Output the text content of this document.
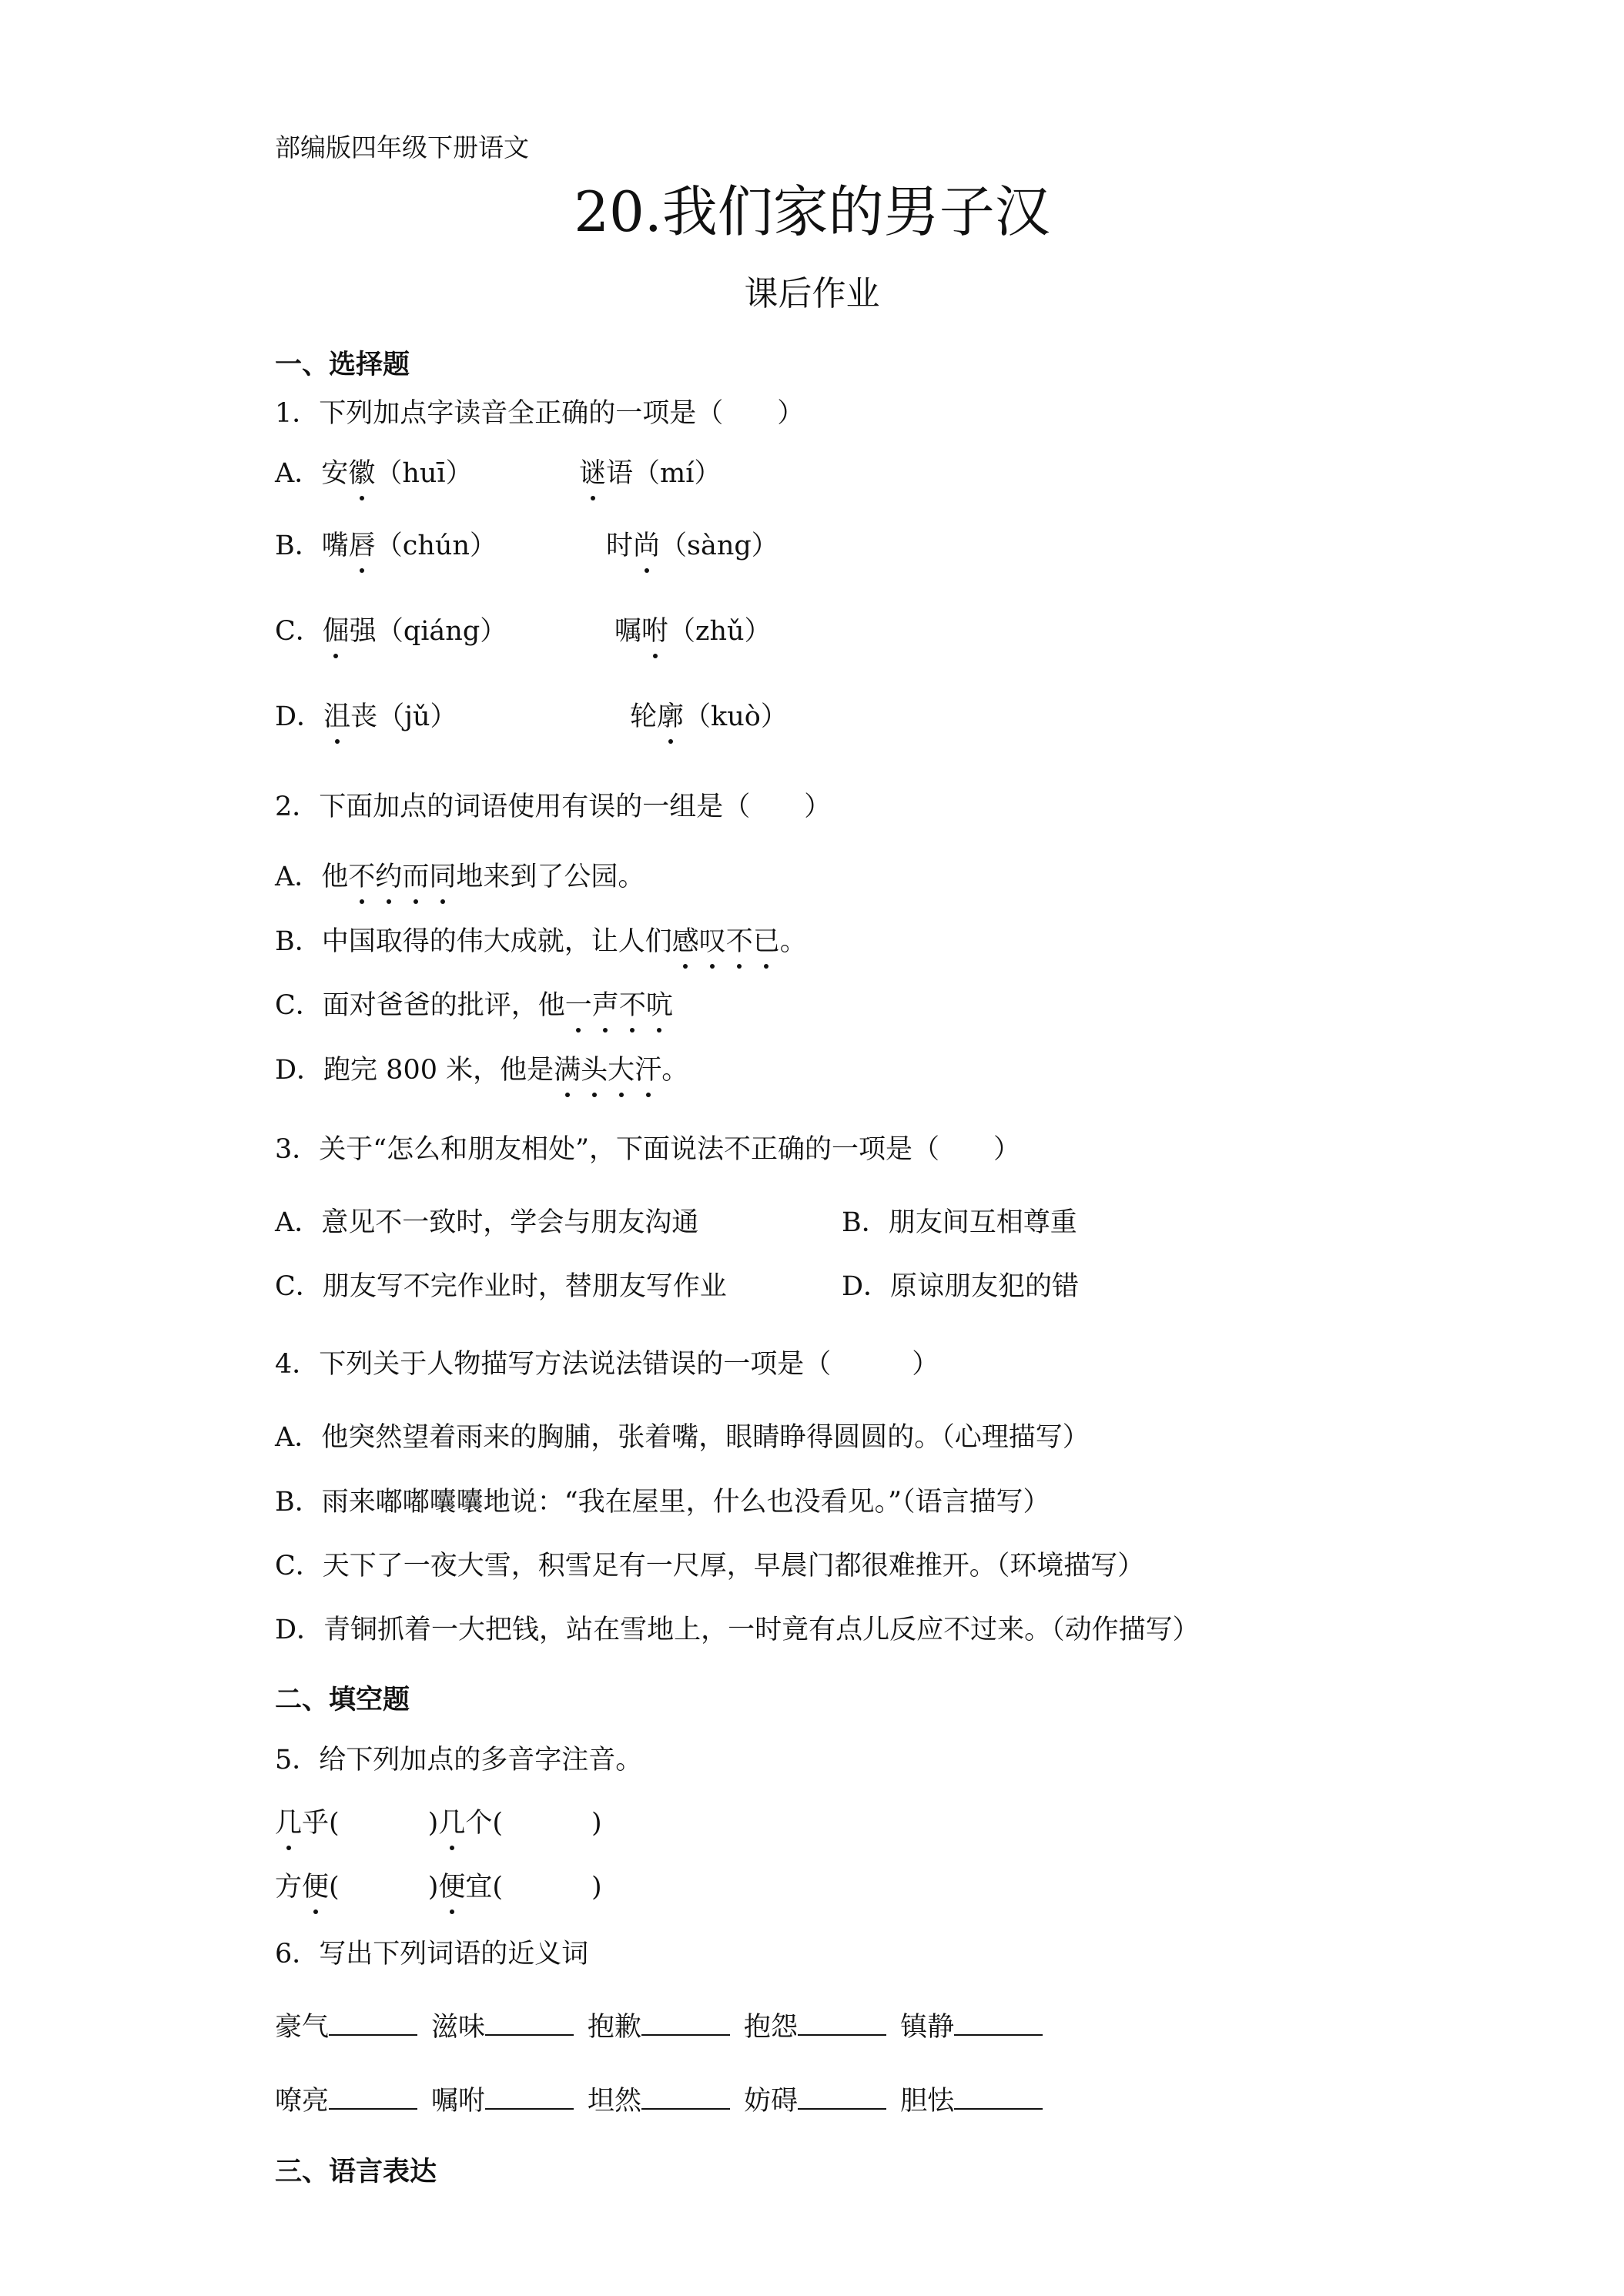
部编版四年级下册语文
20.我们家的男子汉
课后作业
一、选择题
1．下列加点字读音全正确的一项是（　　）
A．安徽（huī）	谜语（mí）
B．嘴唇（chún）	时尚（sàng）
C．倔强（qiáng）	嘱咐（zhǔ）
D．沮丧（jǔ）	轮廓（kuò）
2．下面加点的词语使用有误的一组是（　　）
A．他不约而同地来到了公园。
B．中国取得的伟大成就，让人们感叹不已。
C．面对爸爸的批评，他一声不吭
D．跑完 800 米，他是满头大汗。
3．关于“怎么和朋友相处”，下面说法不正确的一项是（　　）
A．意见不一致时，学会与朋友沟通	B．朋友间互相尊重
C．朋友写不完作业时，替朋友写作业	D．原谅朋友犯的错
4．下列关于人物描写方法说法错误的一项是（　　　）
A．他突然望着雨来的胸脯，张着嘴，眼睛睁得圆圆的。（心理描写）
B．雨来嘟嘟囔囔地说：“我在屋里，什么也没看见。”（语言描写）
C．天下了一夜大雪，积雪足有一尺厚，早晨门都很难推开。（环境描写）
D．青铜抓着一大把钱，站在雪地上，一时竟有点儿反应不过来。（动作描写）
二、填空题
5．给下列加点的多音字注音。
几乎(	)几个(	)
方便(	)便宜(	)
6．写出下列词语的近义词
豪气	滋味	抱歉	抱怨	镇静
嘹亮	嘱咐	坦然	妨碍	胆怯
三、语言表达
